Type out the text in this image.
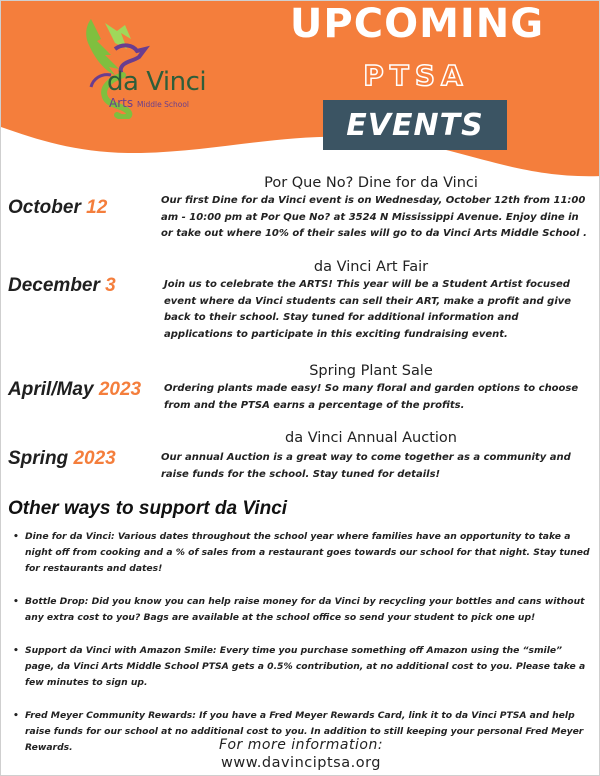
da Vinci
Arts Middle School
UPCOMING
PTSA
EVENTS
October 12
Por Que No? Dine for da Vinci
Our first Dine for da Vinci event is on Wednesday, October 12th from 11:00 am - 10:00 pm at Por Que No? at 3524 N Mississippi Avenue. Enjoy dine in or take out where 10% of their sales will go to da Vinci Arts Middle School .
December 3
da Vinci Art Fair
Join us to celebrate the ARTS! This year will be a Student Artist focused event where da Vinci students can sell their ART, make a profit and give back to their school. Stay tuned for additional information and applications to participate in this exciting fundraising event.
April/May 2023
Spring Plant Sale
Ordering plants made easy! So many floral and garden options to choose from and the PTSA earns a percentage of the profits.
Spring 2023
da Vinci Annual Auction
Our annual Auction is a great way to come together as a community and raise funds for the school. Stay tuned for details!
Other ways to support da Vinci
• Dine for da Vinci: Various dates throughout the school year where families have an opportunity to take a night off from cooking and a % of sales from a restaurant goes towards our school for that night. Stay tuned for restaurants and dates!
• Bottle Drop: Did you know you can help raise money for da Vinci by recycling your bottles and cans without any extra cost to you? Bags are available at the school office so send your student to pick one up!
• Support da Vinci with Amazon Smile: Every time you purchase something off Amazon using the “smile” page, da Vinci Arts Middle School PTSA gets a 0.5% contribution, at no additional cost to you. Please take a few minutes to sign up.
• Fred Meyer Community Rewards: If you have a Fred Meyer Rewards Card, link it to da Vinci PTSA and help raise funds for our school at no additional cost to you. In addition to still keeping your personal Fred Meyer Rewards.	For more information:
www.davinciptsa.org
